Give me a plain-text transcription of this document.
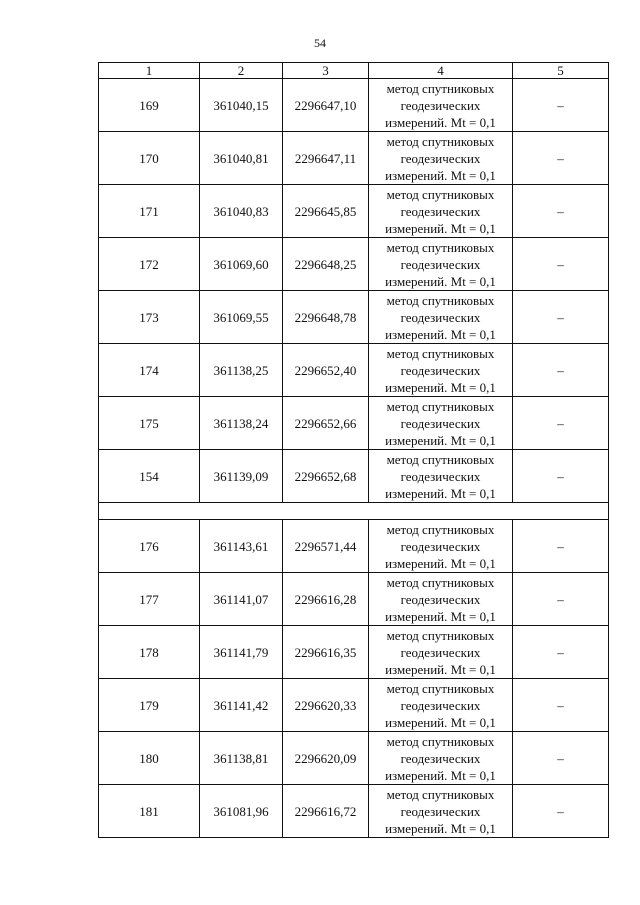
54
1	2	3	4	5
169	361040,15	2296647,10	метод спутниковых
геодезических
измерений. Mt = 0,1	–
170	361040,81	2296647,11	метод спутниковых
геодезических
измерений. Mt = 0,1	–
171	361040,83	2296645,85	метод спутниковых
геодезических
измерений. Mt = 0,1	–
172	361069,60	2296648,25	метод спутниковых
геодезических
измерений. Mt = 0,1	–
173	361069,55	2296648,78	метод спутниковых
геодезических
измерений. Mt = 0,1	–
174	361138,25	2296652,40	метод спутниковых
геодезических
измерений. Mt = 0,1	–
175	361138,24	2296652,66	метод спутниковых
геодезических
измерений. Mt = 0,1	–
154	361139,09	2296652,68	метод спутниковых
геодезических
измерений. Mt = 0,1	–

176	361143,61	2296571,44	метод спутниковых
геодезических
измерений. Mt = 0,1	–
177	361141,07	2296616,28	метод спутниковых
геодезических
измерений. Mt = 0,1	–
178	361141,79	2296616,35	метод спутниковых
геодезических
измерений. Mt = 0,1	–
179	361141,42	2296620,33	метод спутниковых
геодезических
измерений. Mt = 0,1	–
180	361138,81	2296620,09	метод спутниковых
геодезических
измерений. Mt = 0,1	–
181	361081,96	2296616,72	метод спутниковых
геодезических
измерений. Mt = 0,1	–
